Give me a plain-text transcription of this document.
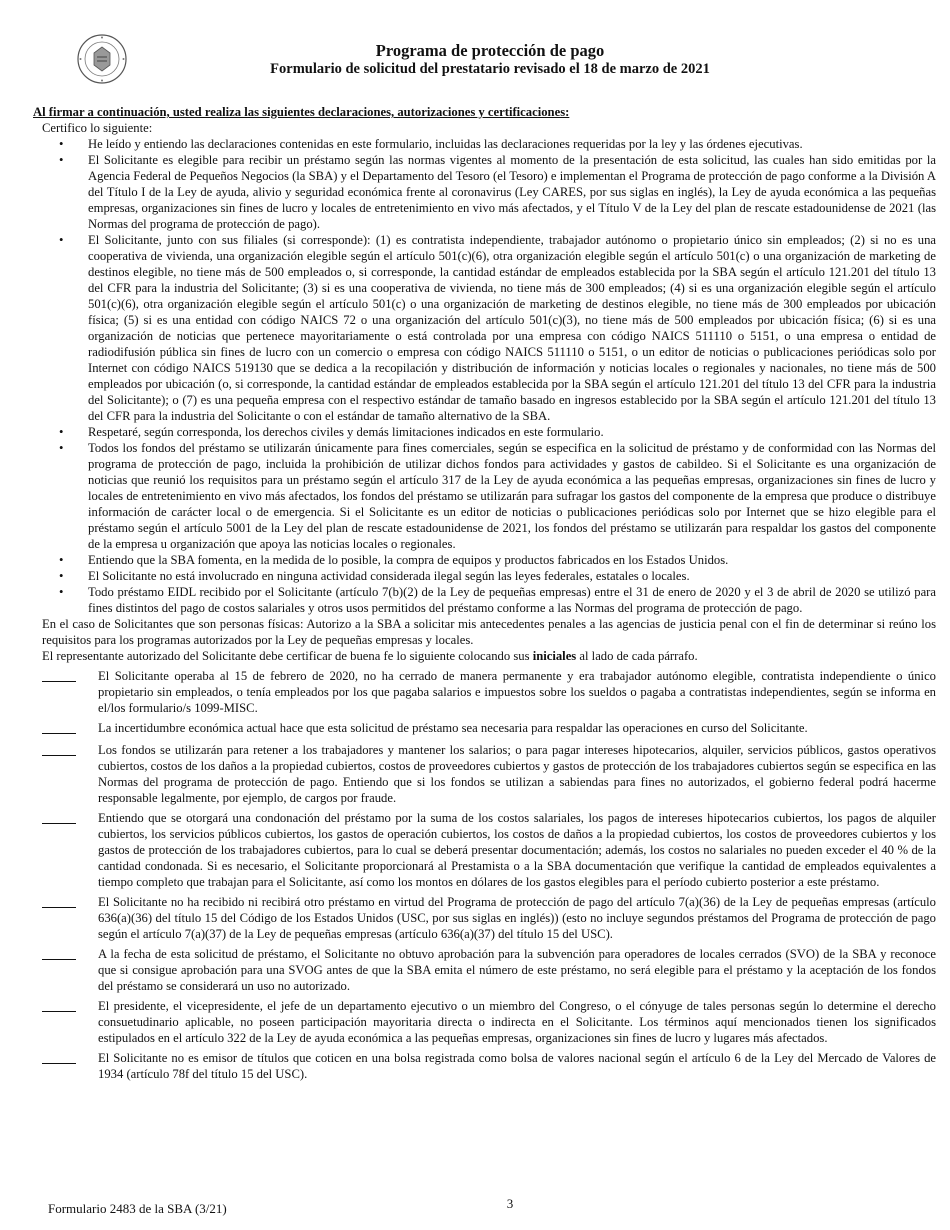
Programa de protección de pago
Formulario de solicitud del prestatario revisado el 18 de marzo de 2021
Al firmar a continuación, usted realiza las siguientes declaraciones, autorizaciones y certificaciones:
Certifico lo siguiente:
• He leído y entiendo las declaraciones contenidas en este formulario, incluidas las declaraciones requeridas por la ley y las órdenes ejecutivas.
• El Solicitante es elegible para recibir un préstamo según las normas vigentes al momento de la presentación de esta solicitud, las cuales han sido emitidas por la Agencia Federal de Pequeños Negocios (la SBA) y el Departamento del Tesoro (el Tesoro) e implementan el Programa de protección de pago conforme a la División A del Título I de la Ley de ayuda, alivio y seguridad económica frente al coronavirus (Ley CARES, por sus siglas en inglés), la Ley de ayuda económica a las pequeñas empresas, organizaciones sin fines de lucro y locales de entretenimiento en vivo más afectados, y el Título V de la Ley del plan de rescate estadounidense de 2021 (las Normas del programa de protección de pago).
• El Solicitante, junto con sus filiales (si corresponde): (1) es contratista independiente, trabajador autónomo o propietario único sin empleados; (2) si no es una cooperativa de vivienda, una organización elegible según el artículo 501(c)(6), otra organización elegible según el artículo 501(c) o una organización de marketing de destinos elegible, no tiene más de 500 empleados o, si corresponde, la cantidad estándar de empleados establecida por la SBA según el artículo 121.201 del título 13 del CFR para la industria del Solicitante; (3) si es una cooperativa de vivienda, no tiene más de 300 empleados; (4) si es una organización elegible según el artículo 501(c)(6), otra organización elegible según el artículo 501(c) o una organización de marketing de destinos elegible, no tiene más de 300 empleados por ubicación física; (5) si es una entidad con código NAICS 72 o una organización del artículo 501(c)(3), no tiene más de 500 empleados por ubicación física; (6) si es una organización de noticias que pertenece mayoritariamente o está controlada por una empresa con código NAICS 511110 o 5151, o una empresa o entidad de radiodifusión pública sin fines de lucro con un comercio o empresa con código NAICS 511110 o 5151, o un editor de noticias o publicaciones periódicas solo por Internet con código NAICS 519130 que se dedica a la recopilación y distribución de información y noticias locales o regionales y nacionales, no tiene más de 500 empleados por ubicación (o, si corresponde, la cantidad estándar de empleados establecida por la SBA según el artículo 121.201 del título 13 del CFR para la industria del Solicitante); o (7) es una pequeña empresa con el respectivo estándar de tamaño basado en ingresos establecido por la SBA según el artículo 121.201 del título 13 del CFR para la industria del Solicitante o con el estándar de tamaño alternativo de la SBA.
• Respetaré, según corresponda, los derechos civiles y demás limitaciones indicados en este formulario.
• Todos los fondos del préstamo se utilizarán únicamente para fines comerciales, según se especifica en la solicitud de préstamo y de conformidad con las Normas del programa de protección de pago, incluida la prohibición de utilizar dichos fondos para actividades y gastos de cabildeo. Si el Solicitante es una organización de noticias que reunió los requisitos para un préstamo según el artículo 317 de la Ley de ayuda económica a las pequeñas empresas, organizaciones sin fines de lucro y locales de entretenimiento en vivo más afectados, los fondos del préstamo se utilizarán para sufragar los gastos del componente de la empresa que produce o distribuye información de carácter local o de emergencia. Si el Solicitante es un editor de noticias o publicaciones periódicas solo por Internet que se hizo elegible para el préstamo según el artículo 5001 de la Ley del plan de rescate estadounidense de 2021, los fondos del préstamo se utilizarán para respaldar los gastos del componente de la empresa u organización que apoya las noticias locales o regionales.
• Entiendo que la SBA fomenta, en la medida de lo posible, la compra de equipos y productos fabricados en los Estados Unidos.
• El Solicitante no está involucrado en ninguna actividad considerada ilegal según las leyes federales, estatales o locales.
• Todo préstamo EIDL recibido por el Solicitante (artículo 7(b)(2) de la Ley de pequeñas empresas) entre el 31 de enero de 2020 y el 3 de abril de 2020 se utilizó para fines distintos del pago de costos salariales y otros usos permitidos del préstamo conforme a las Normas del programa de protección de pago.
En el caso de Solicitantes que son personas físicas: Autorizo a la SBA a solicitar mis antecedentes penales a las agencias de justicia penal con el fin de determinar si reúno los requisitos para los programas autorizados por la Ley de pequeñas empresas y locales.
El representante autorizado del Solicitante debe certificar de buena fe lo siguiente colocando sus iniciales al lado de cada párrafo.
El Solicitante operaba al 15 de febrero de 2020, no ha cerrado de manera permanente y era trabajador autónomo elegible, contratista independiente o único propietario sin empleados, o tenía empleados por los que pagaba salarios e impuestos sobre los sueldos o pagaba a contratistas independientes, según se informa en el/los formulario/s 1099-MISC.
La incertidumbre económica actual hace que esta solicitud de préstamo sea necesaria para respaldar las operaciones en curso del Solicitante.
Los fondos se utilizarán para retener a los trabajadores y mantener los salarios; o para pagar intereses hipotecarios, alquiler, servicios públicos, gastos operativos cubiertos, costos de los daños a la propiedad cubiertos, costos de proveedores cubiertos y gastos de protección de los trabajadores cubiertos según se especifica en las Normas del programa de protección de pago. Entiendo que si los fondos se utilizan a sabiendas para fines no autorizados, el gobierno federal podrá hacerme responsable legalmente, por ejemplo, de cargos por fraude.
Entiendo que se otorgará una condonación del préstamo por la suma de los costos salariales, los pagos de intereses hipotecarios cubiertos, los pagos de alquiler cubiertos, los servicios públicos cubiertos, los gastos de operación cubiertos, los costos de daños a la propiedad cubiertos, los costos de proveedores cubiertos y los gastos de protección de los trabajadores cubiertos, para lo cual se deberá presentar documentación; además, los costos no salariales no pueden exceder el 40 % de la cantidad condonada. Si es necesario, el Solicitante proporcionará al Prestamista o a la SBA documentación que verifique la cantidad de empleados equivalentes a tiempo completo que trabajan para el Solicitante, así como los montos en dólares de los gastos elegibles para el período cubierto posterior a este préstamo.
El Solicitante no ha recibido ni recibirá otro préstamo en virtud del Programa de protección de pago del artículo 7(a)(36) de la Ley de pequeñas empresas (artículo 636(a)(36) del título 15 del Código de los Estados Unidos (USC, por sus siglas en inglés)) (esto no incluye segundos préstamos del Programa de protección de pago según el artículo 7(a)(37) de la Ley de pequeñas empresas (artículo 636(a)(37) del título 15 del USC).
A la fecha de esta solicitud de préstamo, el Solicitante no obtuvo aprobación para la subvención para operadores de locales cerrados (SVO) de la SBA y reconoce que si consigue aprobación para una SVOG antes de que la SBA emita el número de este préstamo, no será elegible para el préstamo y la aceptación de los fondos del préstamo se considerará un uso no autorizado.
El presidente, el vicepresidente, el jefe de un departamento ejecutivo o un miembro del Congreso, o el cónyuge de tales personas según lo determine el derecho consuetudinario aplicable, no poseen participación mayoritaria directa o indirecta en el Solicitante. Los términos aquí mencionados tienen los significados estipulados en el artículo 322 de la Ley de ayuda económica a las pequeñas empresas, organizaciones sin fines de lucro y lugares más afectados.
El Solicitante no es emisor de títulos que coticen en una bolsa registrada como bolsa de valores nacional según el artículo 6 de la Ley del Mercado de Valores de 1934 (artículo 78f del título 15 del USC).
Formulario 2483 de la SBA (3/21)	3
